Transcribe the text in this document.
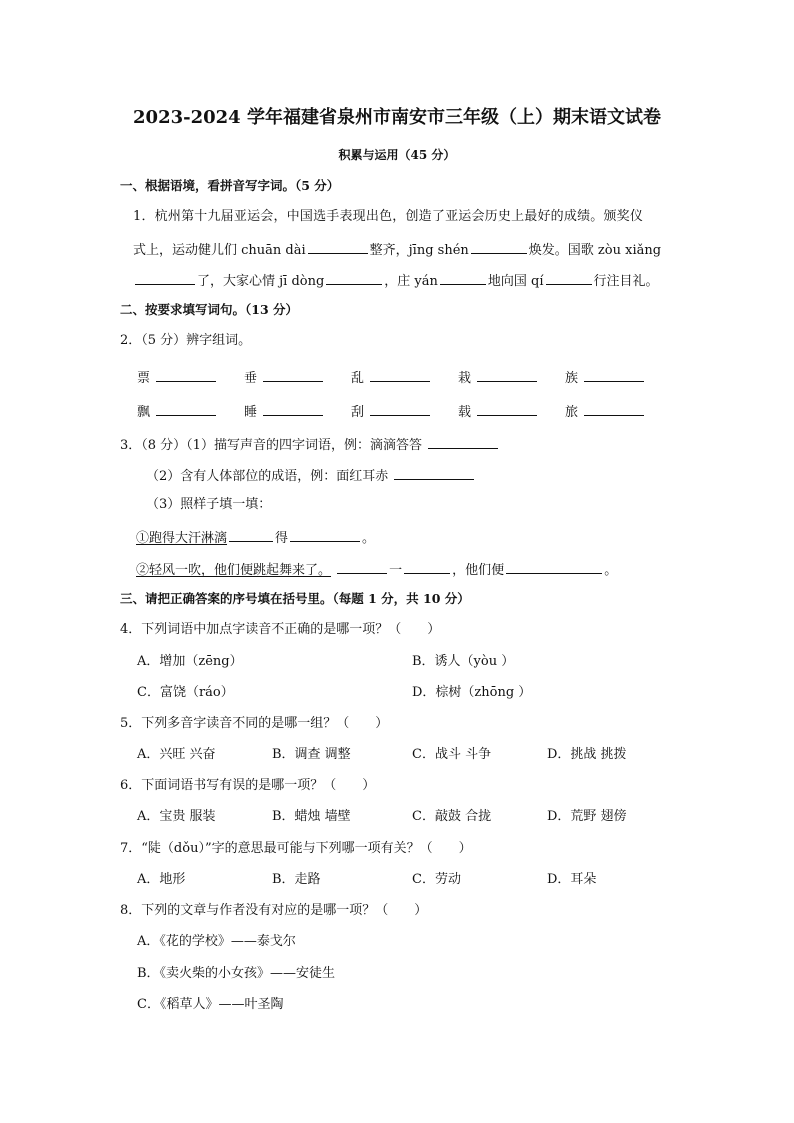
2023-2024 学年福建省泉州市南安市三年级（上）期末语文试卷
积累与运用（45 分）
一、根据语境，看拼音写字词。（5 分）
1．杭州第十九届亚运会，中国选手表现出色，创造了亚运会历史上最好的成绩。颁奖仪
式上，运动健儿们 chuān dài	整齐，jīng shén	焕发。国歌 zòu xiǎng
了，大家心情 jī dòng	，庄 yán	地向国 qí	行注目礼。
二、按要求填写词句。（13 分）
2．（5 分）辨字组词。
票	垂	乱	栽	族
飘	睡	刮	载	旅
3．（8 分）（1）描写声音的四字词语，例：滴滴答答
（2）含有人体部位的成语，例：面红耳赤
（3）照样子填一填：
①跑得大汗淋漓	得	。
②轻风一吹，他们便跳起舞来了。	一	，他们便	。
三、请把正确答案的序号填在括号里。（每题 1 分，共 10 分）
4．下列词语中加点字读音不正确的是哪一项？（　　）
A．增加（zēng）	B．诱人（yòu ）
C．富饶（ráo）	D．棕树（zhōng ）
5．下列多音字读音不同的是哪一组？（　　）
A．兴旺 兴奋	B．调查 调整	C．战斗 斗争	D．挑战 挑拨
6．下面词语书写有误的是哪一项？（　　）
A．宝贵 服装	B．蜡烛 墙壁	C．敲鼓 合拢	D．荒野 翅傍
7．“陡（dǒu）”字的意思最可能与下列哪一项有关？（　　）
A．地形	B．走路	C．劳动	D．耳朵
8．下列的文章与作者没有对应的是哪一项？（　　）
A．《花的学校》——泰戈尔
B．《卖火柴的小女孩》——安徒生
C．《稻草人》——叶圣陶
